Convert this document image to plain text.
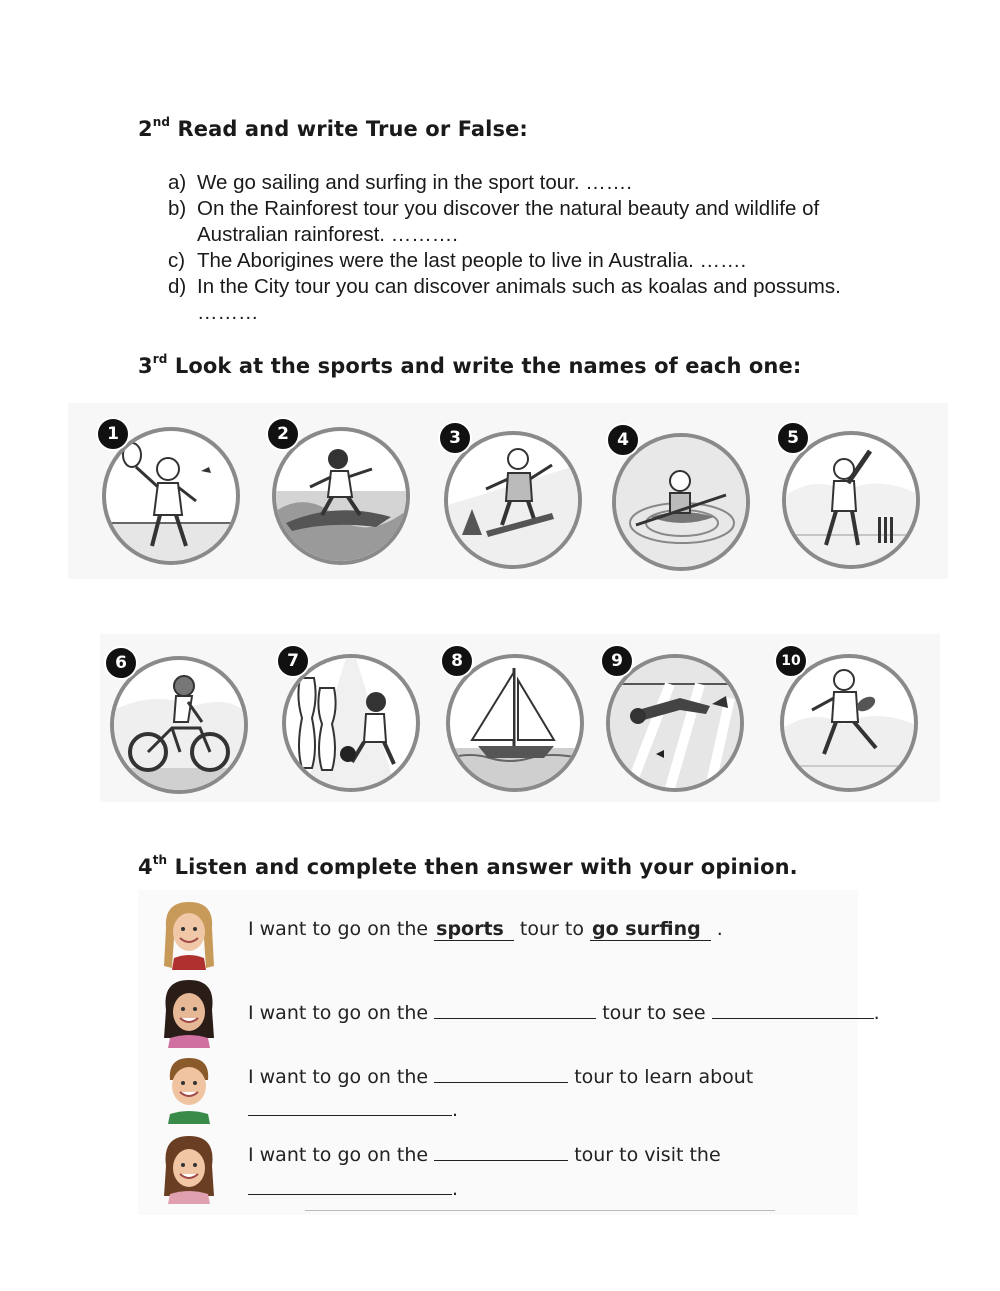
2nd Read and write True or False:
a) We go sailing and surfing in the sport tour. …….
b) On the Rainforest tour you discover the natural beauty and wildlife of Australian rainforest. ……….
c) The Aborigines were the last people to live in Australia. …….
d) In the City tour you can discover animals such as koalas and possums. ………
3rd Look at the sports and write the names of each one:
1	2	3	4	5
6	7	8	9	10
4th Listen and complete then answer with your opinion.
I want to go on the sports tour to go surfing .
I want to go on the	tour to see	.
I want to go on the	tour to learn about
.
I want to go on the	tour to visit the
.
